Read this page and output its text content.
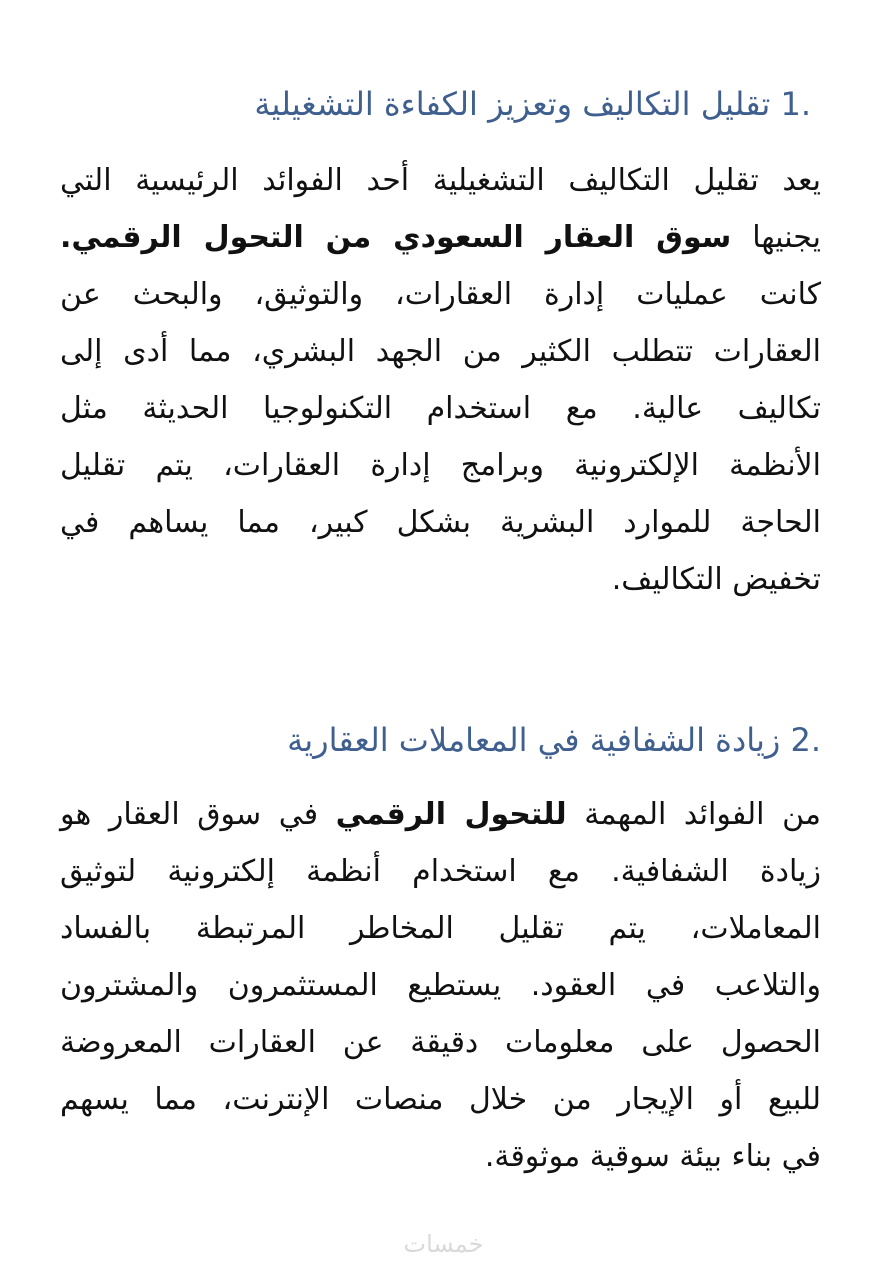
1. تقليل التكاليف وتعزيز الكفاءة التشغيلية
يعد تقليل التكاليف التشغيلية أحد الفوائد الرئيسية التي
يجنيها سوق العقار السعودي من التحول الرقمي.
كانت عمليات إدارة العقارات، والتوثيق، والبحث عن
العقارات تتطلب الكثير من الجهد البشري، مما أدى إلى
تكاليف عالية. مع استخدام التكنولوجيا الحديثة مثل
الأنظمة الإلكترونية وبرامج إدارة العقارات، يتم تقليل
الحاجة للموارد البشرية بشكل كبير، مما يساهم في
تخفيض التكاليف.
2. زيادة الشفافية في المعاملات العقارية
من الفوائد المهمة للتحول الرقمي في سوق العقار هو
زيادة الشفافية. مع استخدام أنظمة إلكترونية لتوثيق
المعاملات، يتم تقليل المخاطر المرتبطة بالفساد
والتلاعب في العقود. يستطيع المستثمرون والمشترون
الحصول على معلومات دقيقة عن العقارات المعروضة
للبيع أو الإيجار من خلال منصات الإنترنت، مما يسهم
في بناء بيئة سوقية موثوقة.
خمسات
